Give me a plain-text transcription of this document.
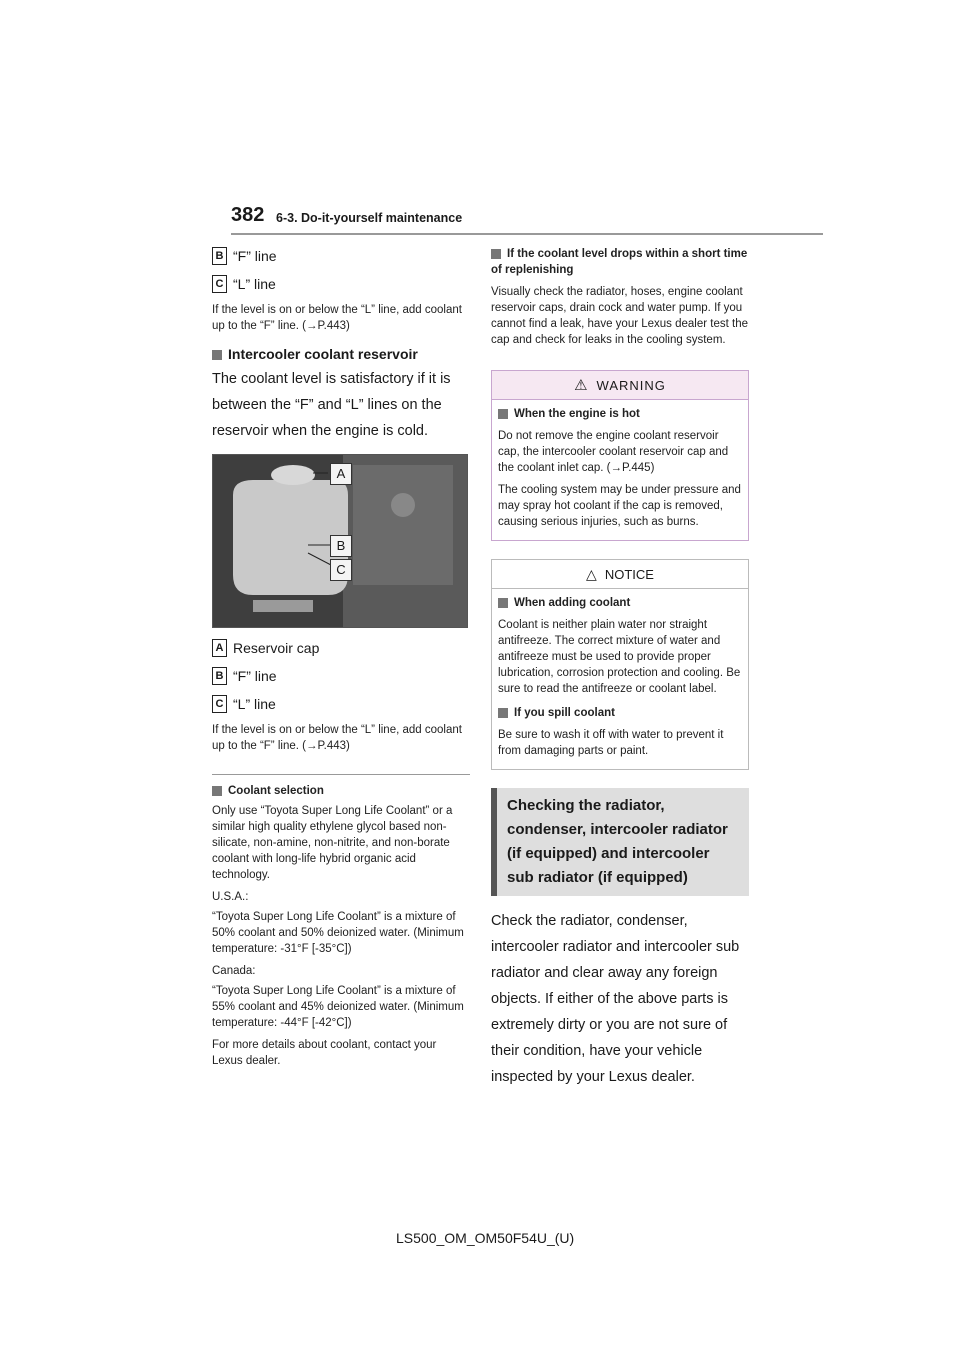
382 6-3. Do-it-yourself maintenance
B “F” line
C “L” line
If the level is on or below the “L” line, add coolant up to the “F” line. (→P.443)
Intercooler coolant reservoir
The coolant level is satisfactory if it is between the “F” and “L” lines on the reservoir when the engine is cold.
A
B
C
A Reservoir cap
B “F” line
C “L” line
If the level is on or below the “L” line, add coolant up to the “F” line. (→P.443)
Coolant selection
Only use “Toyota Super Long Life Coolant” or a similar high quality ethylene glycol based non-silicate, non-amine, non-nitrite, and non-borate coolant with long-life hybrid organic acid technology.
U.S.A.:
“Toyota Super Long Life Coolant” is a mixture of 50% coolant and 50% deionized water. (Minimum temperature: -31°F [-35°C])
Canada:
“Toyota Super Long Life Coolant” is a mixture of 55% coolant and 45% deionized water. (Minimum temperature: -44°F [-42°C])
For more details about coolant, contact your Lexus dealer.
If the coolant level drops within a short time of replenishing
Visually check the radiator, hoses, engine coolant reservoir caps, drain cock and water pump. If you cannot find a leak, have your Lexus dealer test the cap and check for leaks in the cooling system.
⚠ WARNING
When the engine is hot
Do not remove the engine coolant reservoir cap, the intercooler coolant reservoir cap and the coolant inlet cap. (→P.445)
The cooling system may be under pressure and may spray hot coolant if the cap is removed, causing serious injuries, such as burns.
△ NOTICE
When adding coolant
Coolant is neither plain water nor straight antifreeze. The correct mixture of water and antifreeze must be used to provide proper lubrication, corrosion protection and cooling. Be sure to read the antifreeze or coolant label.
If you spill coolant
Be sure to wash it off with water to prevent it from damaging parts or paint.
Checking the radiator, condenser, intercooler radiator (if equipped) and intercooler sub radiator (if equipped)
Check the radiator, condenser, intercooler radiator and intercooler sub radiator and clear away any foreign objects. If either of the above parts is extremely dirty or you are not sure of their condition, have your vehicle inspected by your Lexus dealer.
LS500_OM_OM50F54U_(U)
